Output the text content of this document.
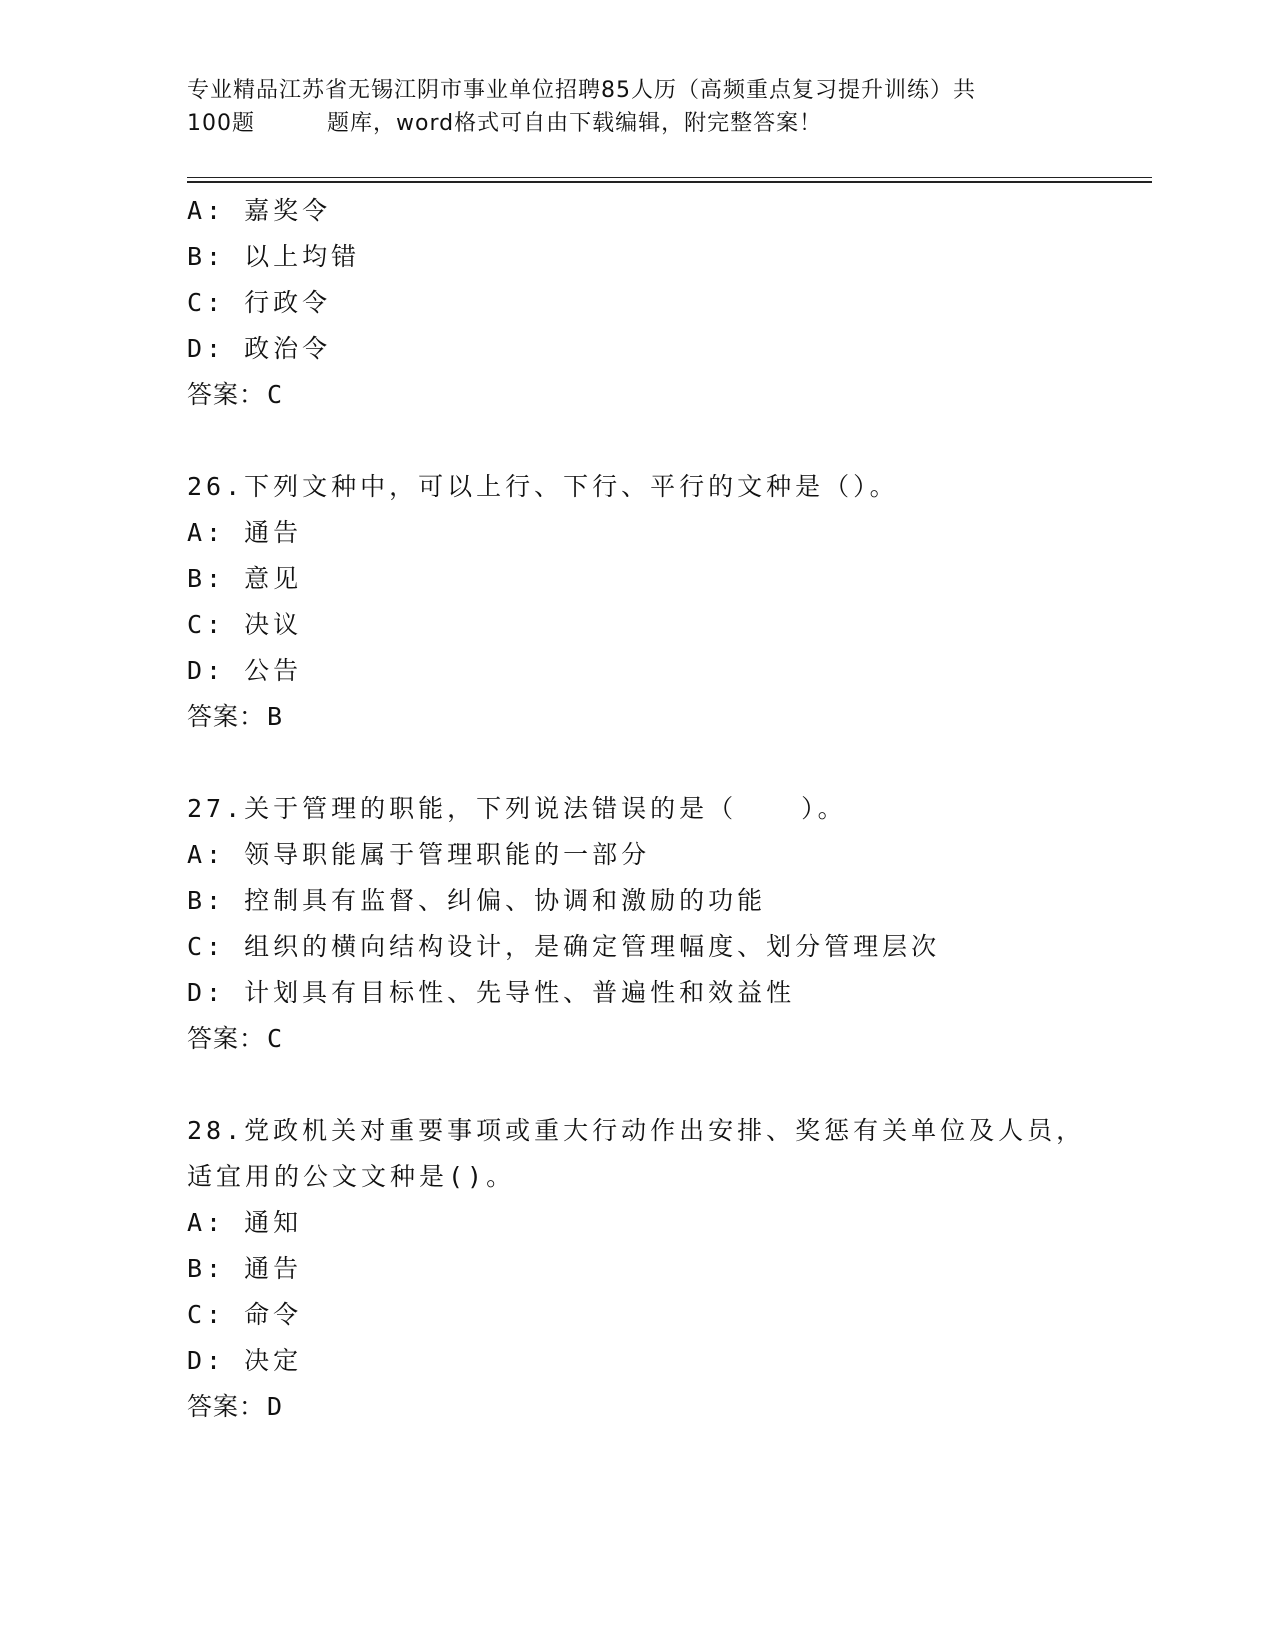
专业精品江苏省无锡江阴市事业单位招聘85人历（高频重点复习提升训练）共
100题	题库，word格式可自由下载编辑，附完整答案！
A: 嘉奖令
B: 以上均错
C: 行政令
D: 政治令
答案：C
26.下列文种中，可以上行、下行、平行的文种是（）。
A: 通告
B: 意见
C: 决议
D: 公告
答案：B
27.关于管理的职能，下列说法错误的是（	）。
A: 领导职能属于管理职能的一部分
B: 控制具有监督、纠偏、协调和激励的功能
C: 组织的横向结构设计，是确定管理幅度、划分管理层次
D: 计划具有目标性、先导性、普遍性和效益性
答案：C
28.党政机关对重要事项或重大行动作出安排、奖惩有关单位及人员，
适宜用的公文文种是()。
A: 通知
B: 通告
C: 命令
D: 决定
答案：D
